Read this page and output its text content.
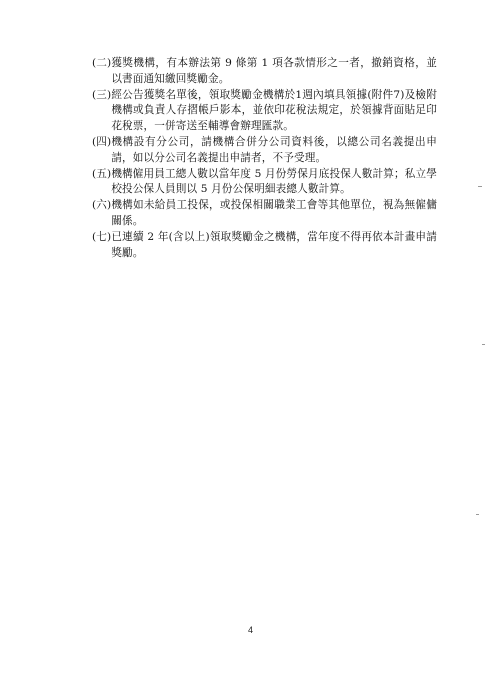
(二) 獲獎機構，有本辦法第 9 條第 1 項各款情形之一者，撤銷資格，並以書面通知繳回獎勵金。
(三) 經公告獲獎名單後，領取獎勵金機構於1週內填具領據(附件7)及檢附機構或負責人存摺帳戶影本，並依印花稅法規定，於領據背面貼足印花稅票，一併寄送至輔導會辦理匯款。
(四) 機構設有分公司，請機構合併分公司資料後，以總公司名義提出申請，如以分公司名義提出申請者，不予受理。
(五) 機構僱用員工總人數以當年度 5 月份勞保月底投保人數計算；私立學校投公保人員則以 5 月份公保明細表總人數計算。
(六) 機構如未給員工投保，或投保相關職業工會等其他單位，視為無僱傭關係。
(七) 已連續 2 年(含以上)領取獎勵金之機構，當年度不得再依本計畫申請獎勵。
4
